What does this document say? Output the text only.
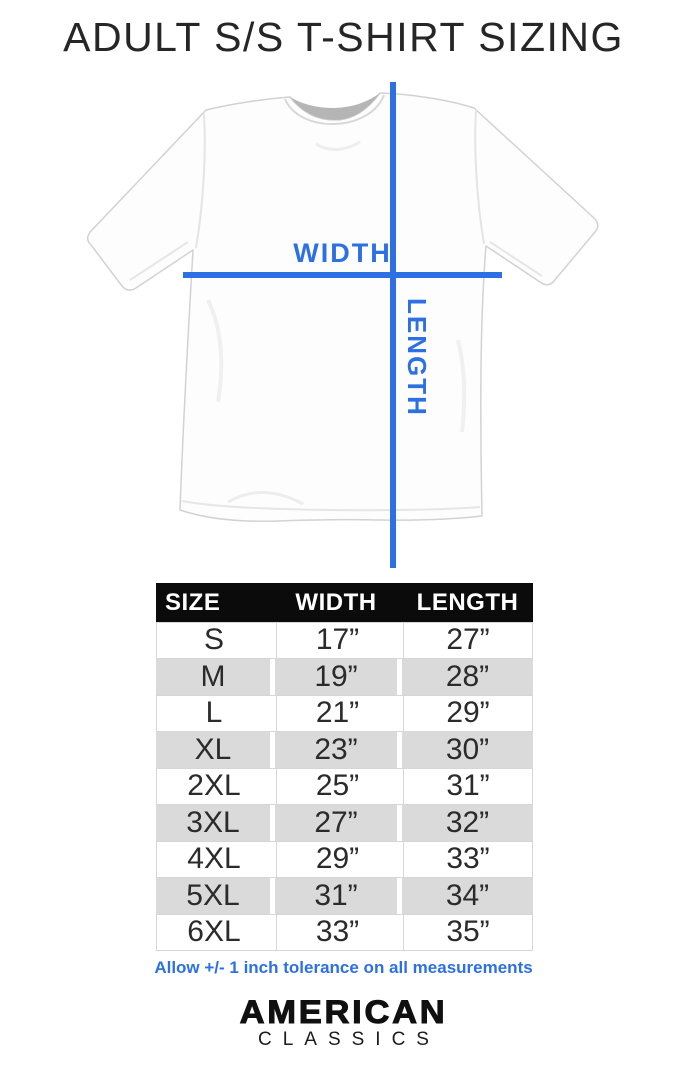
ADULT S/S T-SHIRT SIZING
WIDTH
LENGTH
SIZE	WIDTH	LENGTH
S	17”	27”
M	19”	28”
L	21”	29”
XL	23”	30”
2XL	25”	31”
3XL	27”	32”
4XL	29”	33”
5XL	31”	34”
6XL	33”	35”

Allow +/- 1 inch tolerance on all measurements

AMERICAN
CLASSICS
